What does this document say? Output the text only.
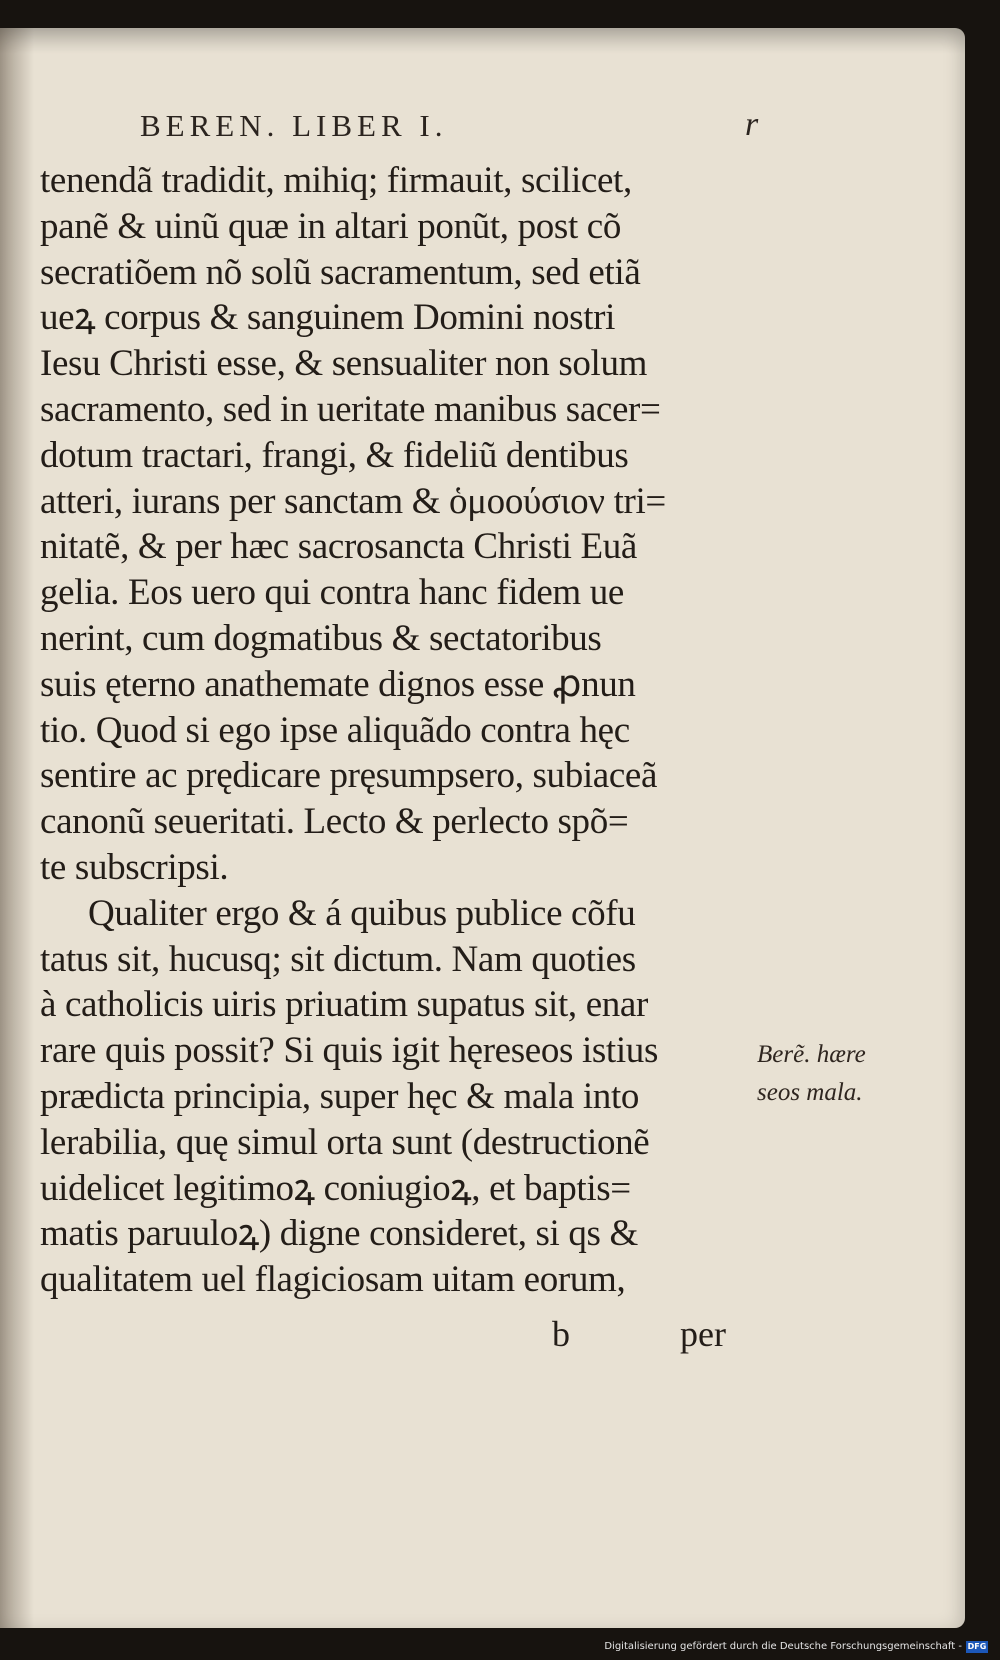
BEREN. LIBER I.	r
tenendã tradidit, mihiq; firmauit, scilicet,
panẽ & uinũ quæ in altari ponũt, post cõ
secratiõem nõ solũ sacramentum, sed etiã
ueꝝ corpus & sanguinem Domini nostri
Iesu Christi esse, & sensualiter non solum
sacramento, sed in ueritate manibus sacer=
dotum tractari, frangi, & fideliũ dentibus
atteri, iurans per sanctam & ὁμοούσιον tri=
nitatẽ, & per hæc sacrosancta Christi Euã
gelia. Eos uero qui contra hanc fidem ue
nerint, cum dogmatibus & sectatoribus
suis ęterno anathemate dignos esse ꝓnun
tio. Quod si ego ipse aliquãdo contra hęc
sentire ac prędicare pręsumpsero, subiaceã
canonũ seueritati. Lecto & perlecto spõ=
te subscripsi.
Qualiter ergo & á quibus publice cõfu
tatus sit, hucusq; sit dictum. Nam quoties
à catholicis uiris priuatim supatus sit, enar
rare quis possit? Si quis igit hęreseos istius
prædicta principia, super hęc & mala into
lerabilia, quę simul orta sunt (destructionẽ
uidelicet legitimoꝝ coniugioꝝ, et baptis=
matis paruuloꝝ) digne consideret, si qs &
qualitatem uel flagiciosam uitam eorum,
Berẽ. hære
seos mala.
b	per
Digitalisierung gefördert durch die Deutsche Forschungsgemeinschaft - DFG
